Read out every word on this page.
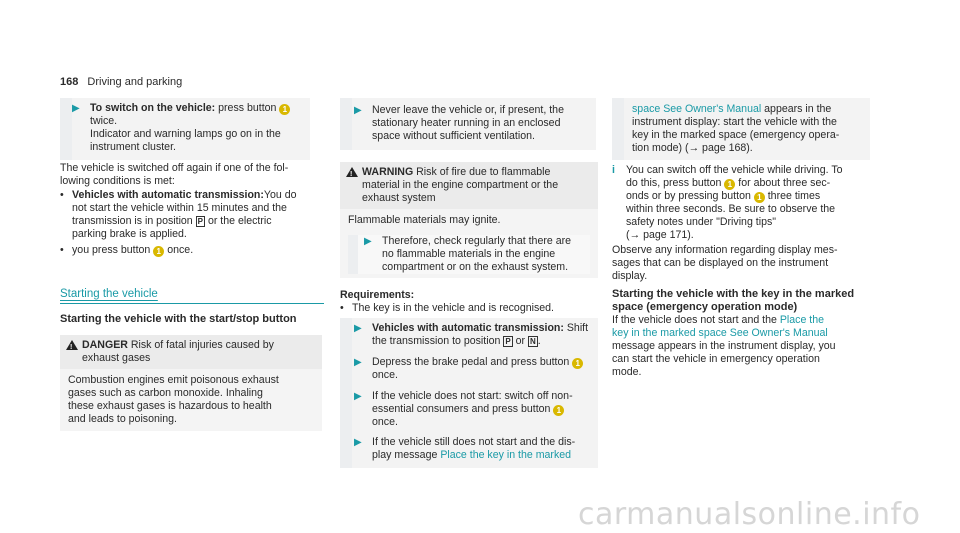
168 Driving and parking
▶ To switch on the vehicle: press button 1
twice.
Indicator and warning lamps go on in the
instrument cluster.
The vehicle is switched off again if one of the fol-
lowing conditions is met:
• Vehicles with automatic transmission:You do
not start the vehicle within 15 minutes and the
transmission is in position P or the electric
parking brake is applied.
• you press button 1 once.
Starting the vehicle
Starting the vehicle with the start/stop button
!
DANGER Risk of fatal injuries caused by
exhaust gases
Combustion engines emit poisonous exhaust
gases such as carbon monoxide. Inhaling
these exhaust gases is hazardous to health
and leads to poisoning.
▶ Never leave the vehicle or, if present, the
stationary heater running in an enclosed
space without sufficient ventilation.
!
WARNING Risk of fire due to flammable
material in the engine compartment or the
exhaust system
Flammable materials may ignite.
▶ Therefore, check regularly that there are
no flammable materials in the engine
compartment or on the exhaust system.
Requirements:
• The key is in the vehicle and is recognised.
▶ Vehicles with automatic transmission: Shift
the transmission to position P or N .
▶ Depress the brake pedal and press button 1
once.
▶ If the vehicle does not start: switch off non-
essential consumers and press button 1
once.
▶ If the vehicle still does not start and the dis-
play message Place the key in the marked
space See Owner's Manual appears in the
instrument display: start the vehicle with the
key in the marked space (emergency opera-
tion mode) (→ page 168).
i You can switch off the vehicle while driving. To
do this, press button 1 for about three sec-
onds or by pressing button 1 three times
within three seconds. Be sure to observe the
safety notes under "Driving tips"
(→ page 171).
Observe any information regarding display mes-
sages that can be displayed on the instrument
display.
Starting the vehicle with the key in the marked
space (emergency operation mode)
If the vehicle does not start and the Place the
key in the marked space See Owner's Manual
message appears in the instrument display, you
can start the vehicle in emergency operation
mode.
carmanualsonline.info
